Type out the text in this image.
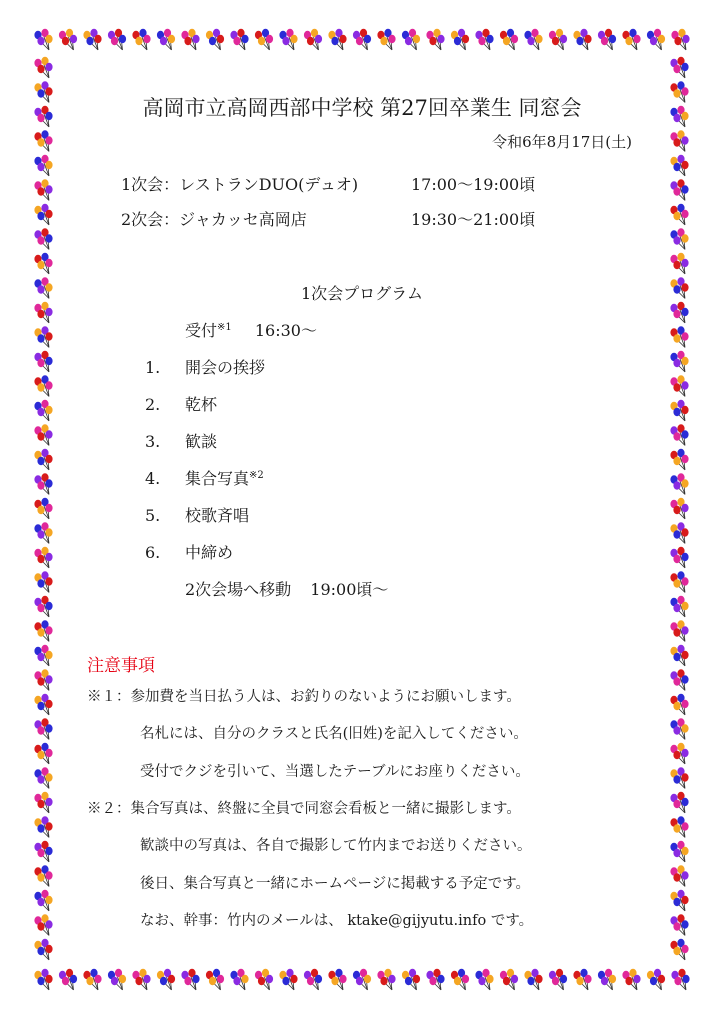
高岡市立高岡西部中学校 第27回卒業生 同窓会
令和6年8月17日(土)
1次会：レストランDUO(デュオ)	17:00～19:00頃
2次会：ジャカッセ高岡店	19:30～21:00頃
1次会プログラム
受付$^{※1}$ 16:30～
1. 開会の挨拶
2. 乾杯
3. 歓談
4. 集合写真$^{※2}$
5. 校歌斉唱
6. 中締め
2次会場へ移動 19:00頃～
注意事項
※１：参加費を当日払う人は、お釣りのないようにお願いします。
名札には、自分のクラスと氏名(旧姓)を記入してください。
受付でクジを引いて、当選したテーブルにお座りください。
※２：集合写真は、終盤に全員で同窓会看板と一緒に撮影します。
歓談中の写真は、各自で撮影して竹内までお送りください。
後日、集合写真と一緒にホームページに掲載する予定です。
なお、幹事：竹内のメールは、 ktake@gijyutu.info です。
